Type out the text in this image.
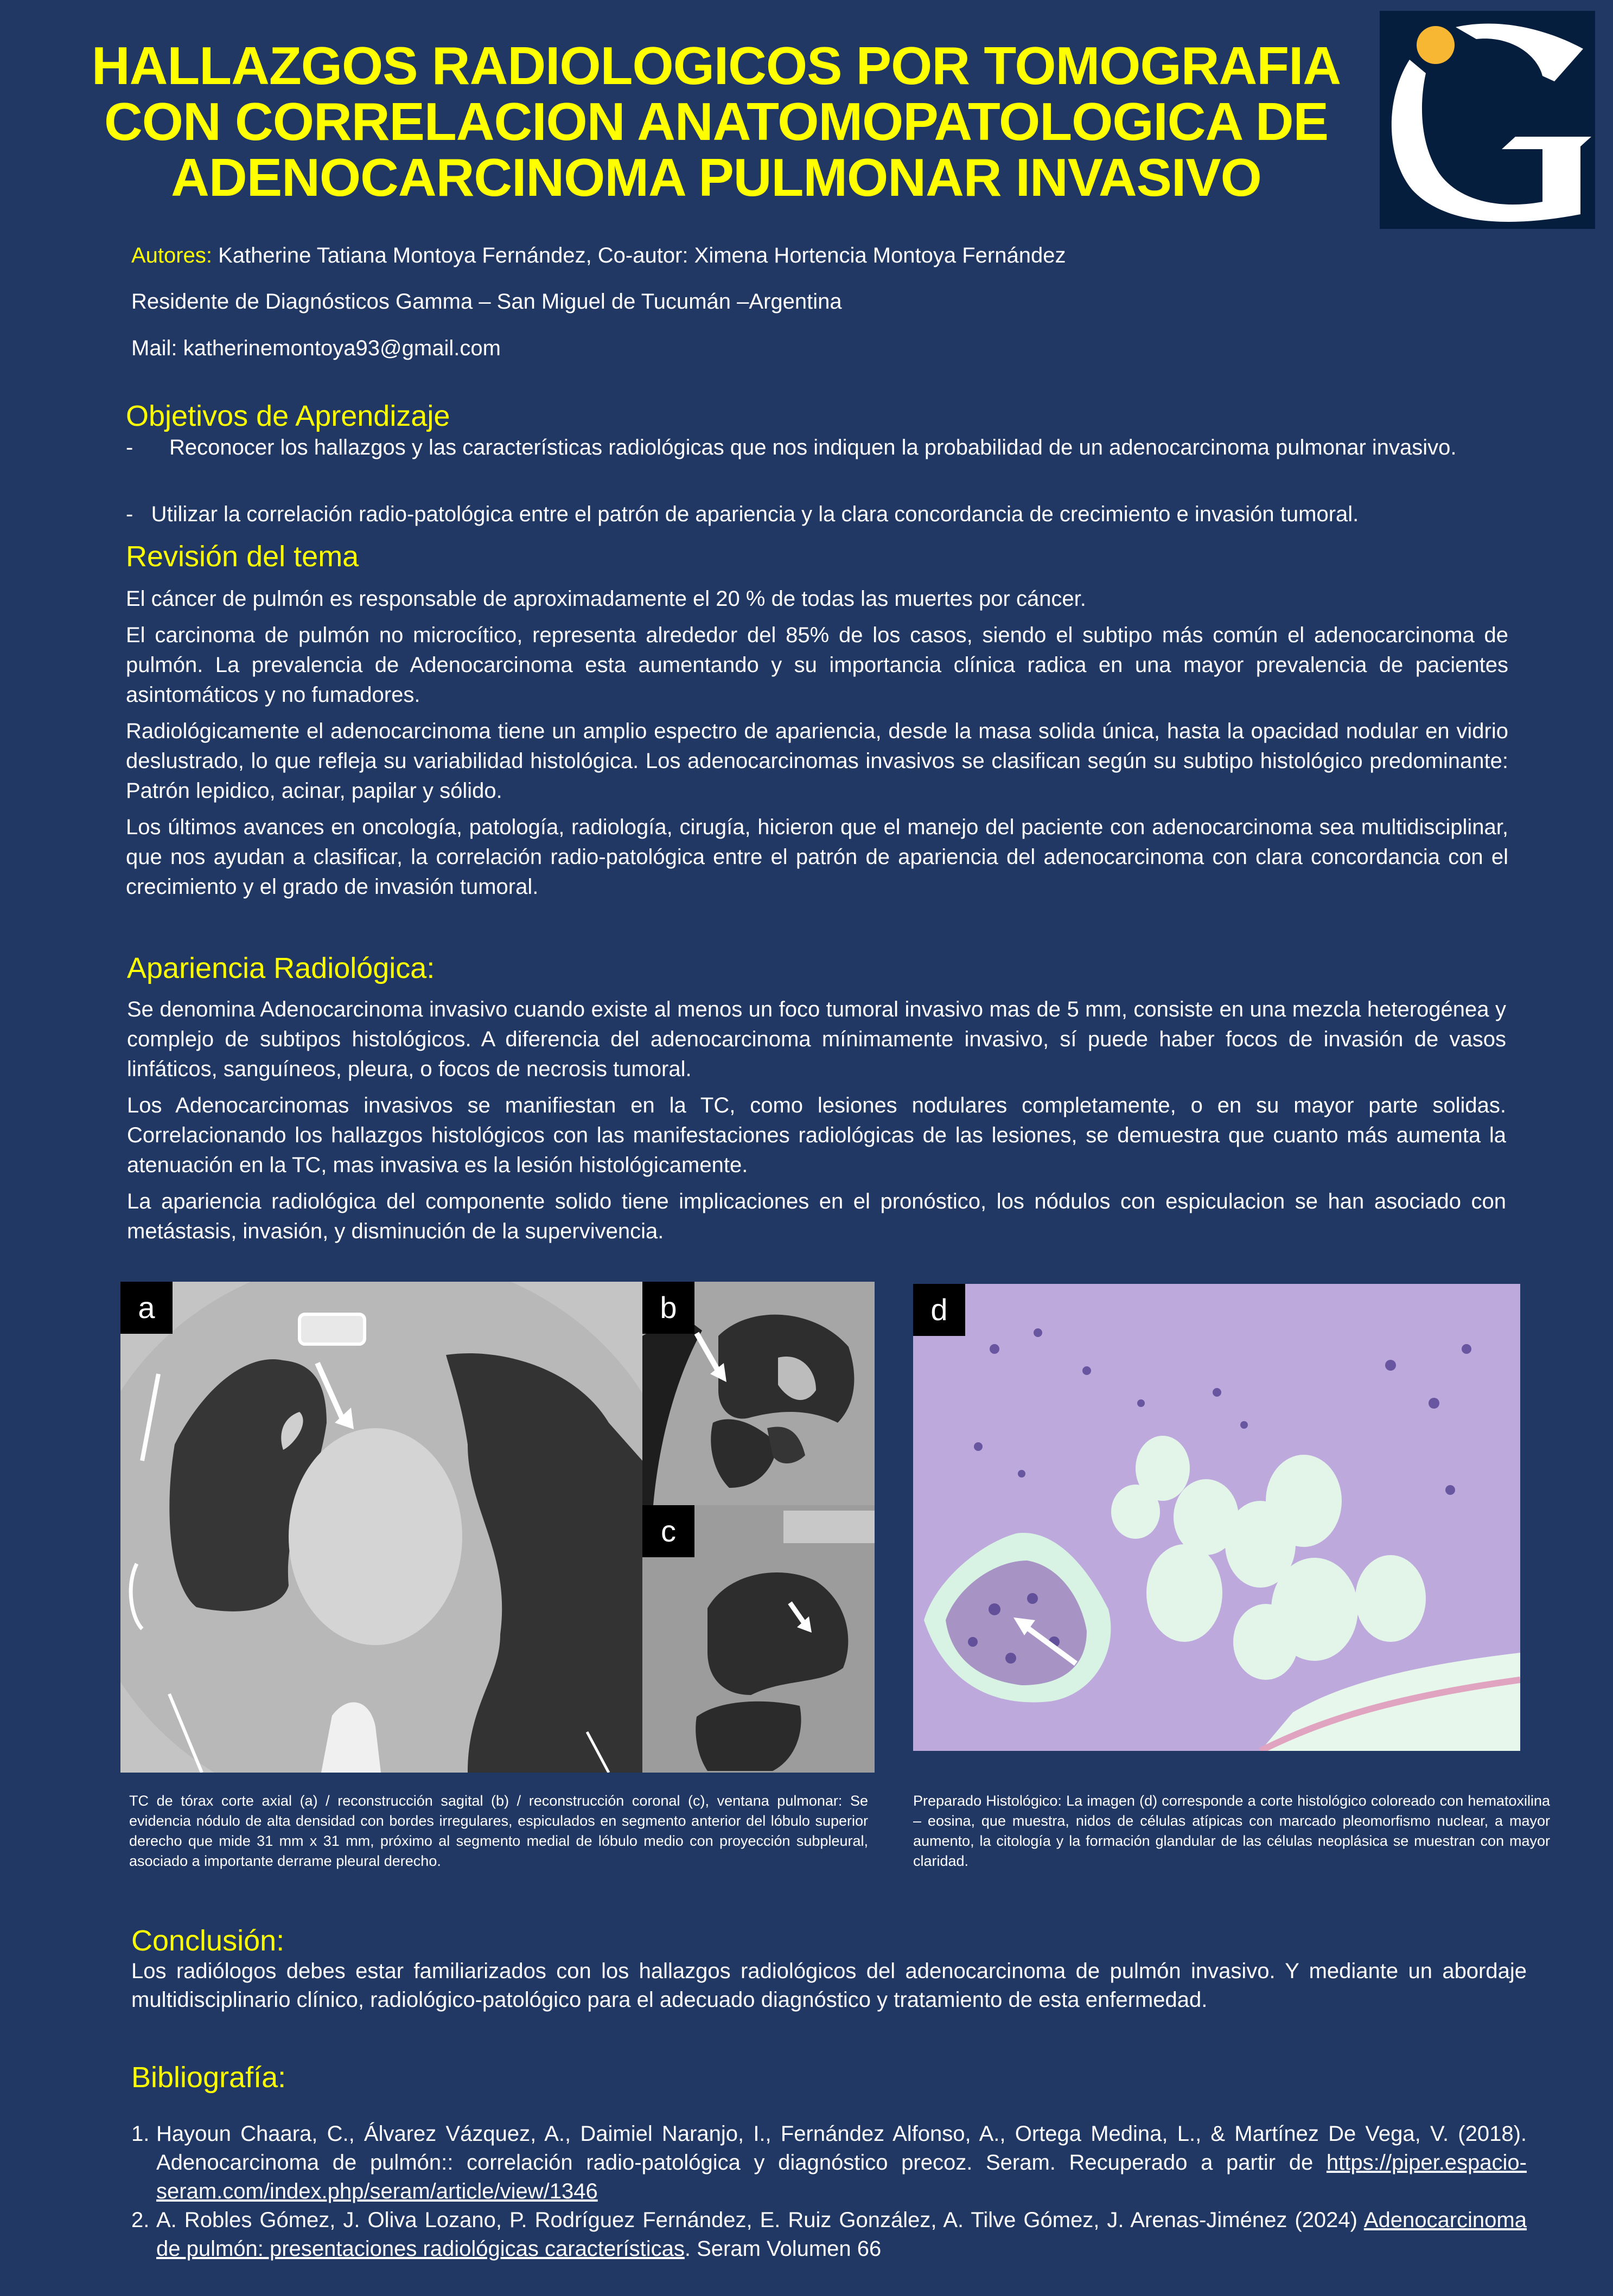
HALLAZGOS RADIOLOGICOS POR TOMOGRAFIA
CON CORRELACION ANATOMOPATOLOGICA DE
ADENOCARCINOMA PULMONAR INVASIVO
Autores: Katherine Tatiana Montoya Fernández, Co-autor: Ximena Hortencia Montoya Fernández
Residente de Diagnósticos Gamma – San Miguel de Tucumán –Argentina
Mail: katherinemontoya93@gmail.com
Objetivos de Aprendizaje
-      Reconocer los hallazgos y las características radiológicas que nos indiquen la probabilidad de un adenocarcinoma pulmonar invasivo.
-   Utilizar la correlación radio-patológica entre el patrón de apariencia y la clara concordancia de crecimiento e invasión tumoral.
Revisión del tema

El cáncer de pulmón es responsable de aproximadamente el 20 % de todas las muertes por cáncer.

El carcinoma de pulmón no microcítico, representa alrededor del 85% de los casos, siendo el subtipo más común el adenocarcinoma de pulmón. La prevalencia de Adenocarcinoma esta aumentando y su importancia clínica radica en una mayor prevalencia de pacientes asintomáticos y no fumadores.

Radiológicamente el adenocarcinoma tiene un amplio espectro de apariencia, desde la masa solida única, hasta la opacidad nodular en vidrio deslustrado, lo que refleja su variabilidad histológica. Los adenocarcinomas invasivos se clasifican según su subtipo histológico predominante: Patrón lepidico, acinar, papilar y sólido.

Los últimos avances en oncología, patología, radiología, cirugía, hicieron que el manejo del paciente con adenocarcinoma sea multidisciplinar, que nos ayudan a clasificar, la correlación radio-patológica entre el patrón de apariencia del adenocarcinoma con clara concordancia con el crecimiento y el grado de invasión tumoral.

Apariencia Radiológica:

Se denomina Adenocarcinoma invasivo cuando existe al menos un foco tumoral invasivo mas de 5 mm, consiste en una mezcla heterogénea y complejo de subtipos histológicos. A diferencia del adenocarcinoma mínimamente invasivo, sí puede haber focos de invasión de vasos linfáticos, sanguíneos, pleura, o focos de necrosis tumoral.

Los Adenocarcinomas invasivos se manifiestan en la TC, como lesiones nodulares completamente, o en su mayor parte solidas. Correlacionando los hallazgos histológicos con las manifestaciones radiológicas de las lesiones, se demuestra que cuanto más aumenta la atenuación en la TC, mas invasiva es la lesión histológicamente.

La apariencia radiológica del componente solido tiene implicaciones en el pronóstico, los nódulos con espiculacion se han asociado con metástasis, invasión, y disminución de la supervivencia.

a	b
c
d
TC de tórax corte axial (a) / reconstrucción sagital (b) / reconstrucción coronal (c), ventana pulmonar: Se evidencia nódulo de alta densidad con bordes irregulares, espiculados en segmento anterior del lóbulo superior derecho que mide 31 mm x 31 mm, próximo al segmento medial de lóbulo medio con proyección subpleural, asociado a importante derrame pleural derecho.
Preparado Histológico: La imagen (d) corresponde a corte histológico coloreado con hematoxilina – eosina, que muestra, nidos de células atípicas con marcado pleomorfismo nuclear, a mayor aumento, la citología y la formación glandular de las células neoplásica se muestran con mayor claridad.
Conclusión:
Los radiólogos debes estar familiarizados con los hallazgos radiológicos del adenocarcinoma de pulmón invasivo. Y mediante un abordaje multidisciplinario clínico, radiológico-patológico para el adecuado diagnóstico y tratamiento de esta enfermedad.
Bibliografía:
1. Hayoun Chaara, C., Álvarez Vázquez, A., Daimiel Naranjo, I., Fernández Alfonso, A., Ortega Medina, L., & Martínez De Vega, V. (2018). Adenocarcinoma de pulmón:: correlación radio-patológica y diagnóstico precoz. Seram. Recuperado a partir de https://piper.espacio-seram.com/index.php/seram/article/view/1346
2. A. Robles Gómez, J. Oliva Lozano, P. Rodríguez Fernández, E. Ruiz González, A. Tilve Gómez, J. Arenas-Jiménez (2024) Adenocarcinoma de pulmón: presentaciones radiológicas características. Seram Volumen 66
